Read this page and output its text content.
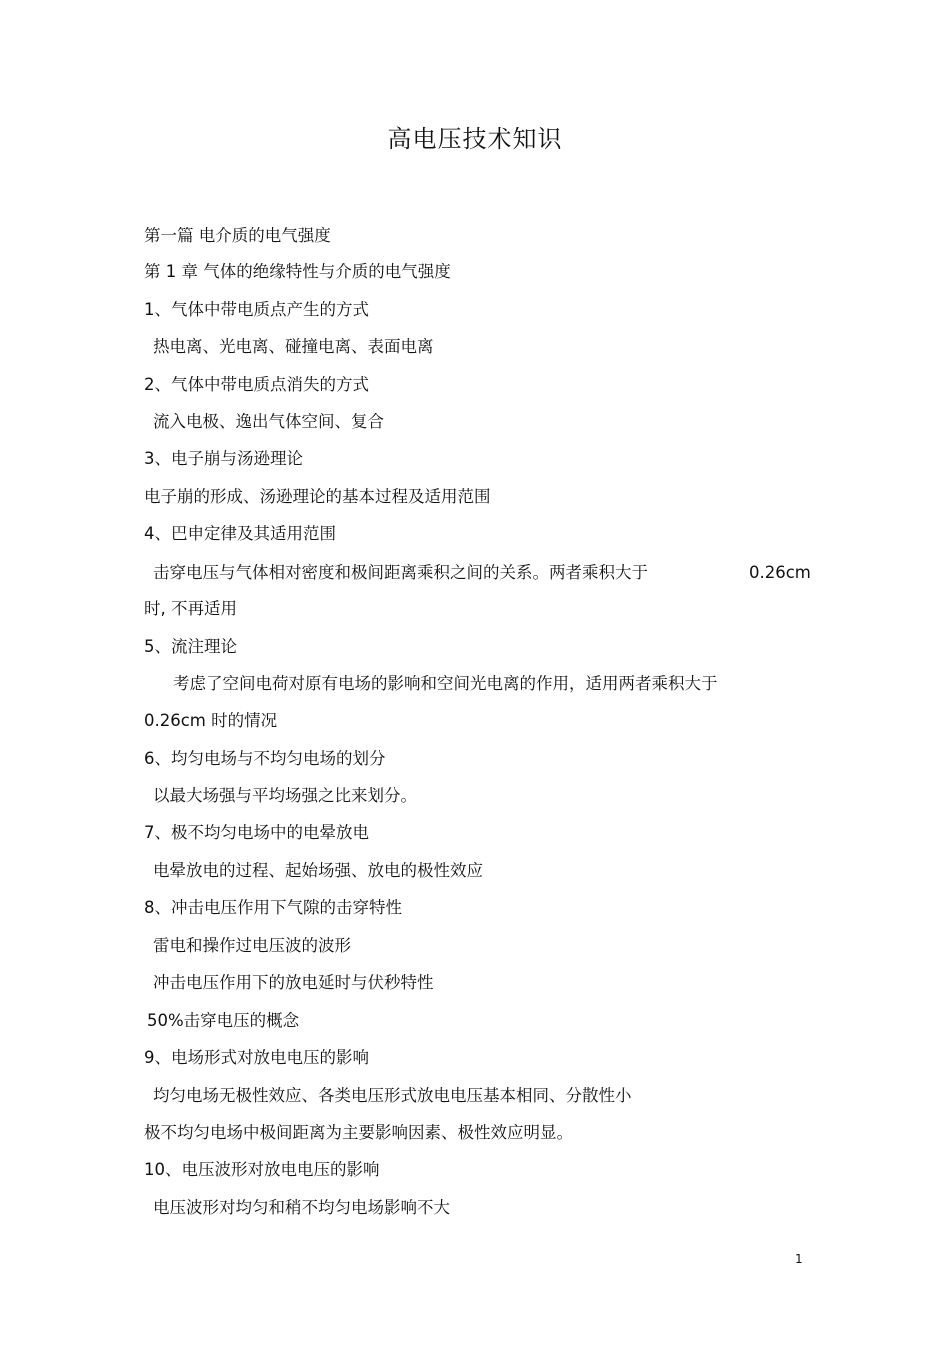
高电压技术知识
第一篇 电介质的电气强度
第 1 章 气体的绝缘特性与介质的电气强度
1、气体中带电质点产生的方式
热电离、光电离、碰撞电离、表面电离
2、气体中带电质点消失的方式
流入电极、逸出气体空间、复合
3、电子崩与汤逊理论
电子崩的形成、汤逊理论的基本过程及适用范围
4、巴申定律及其适用范围
击穿电压与气体相对密度和极间距离乘积之间的关系。两者乘积大于	0.26cm
时, 不再适用
5、流注理论
考虑了空间电荷对原有电场的影响和空间光电离的作用，适用两者乘积大于
0.26cm 时的情况
6、均匀电场与不均匀电场的划分
以最大场强与平均场强之比来划分。
7、极不均匀电场中的电晕放电
电晕放电的过程、起始场强、放电的极性效应
8、冲击电压作用下气隙的击穿特性
雷电和操作过电压波的波形
冲击电压作用下的放电延时与伏秒特性
50%击穿电压的概念
9、电场形式对放电电压的影响
均匀电场无极性效应、各类电压形式放电电压基本相同、分散性小
极不均匀电场中极间距离为主要影响因素、极性效应明显。
10、电压波形对放电电压的影响
电压波形对均匀和稍不均匀电场影响不大
1
